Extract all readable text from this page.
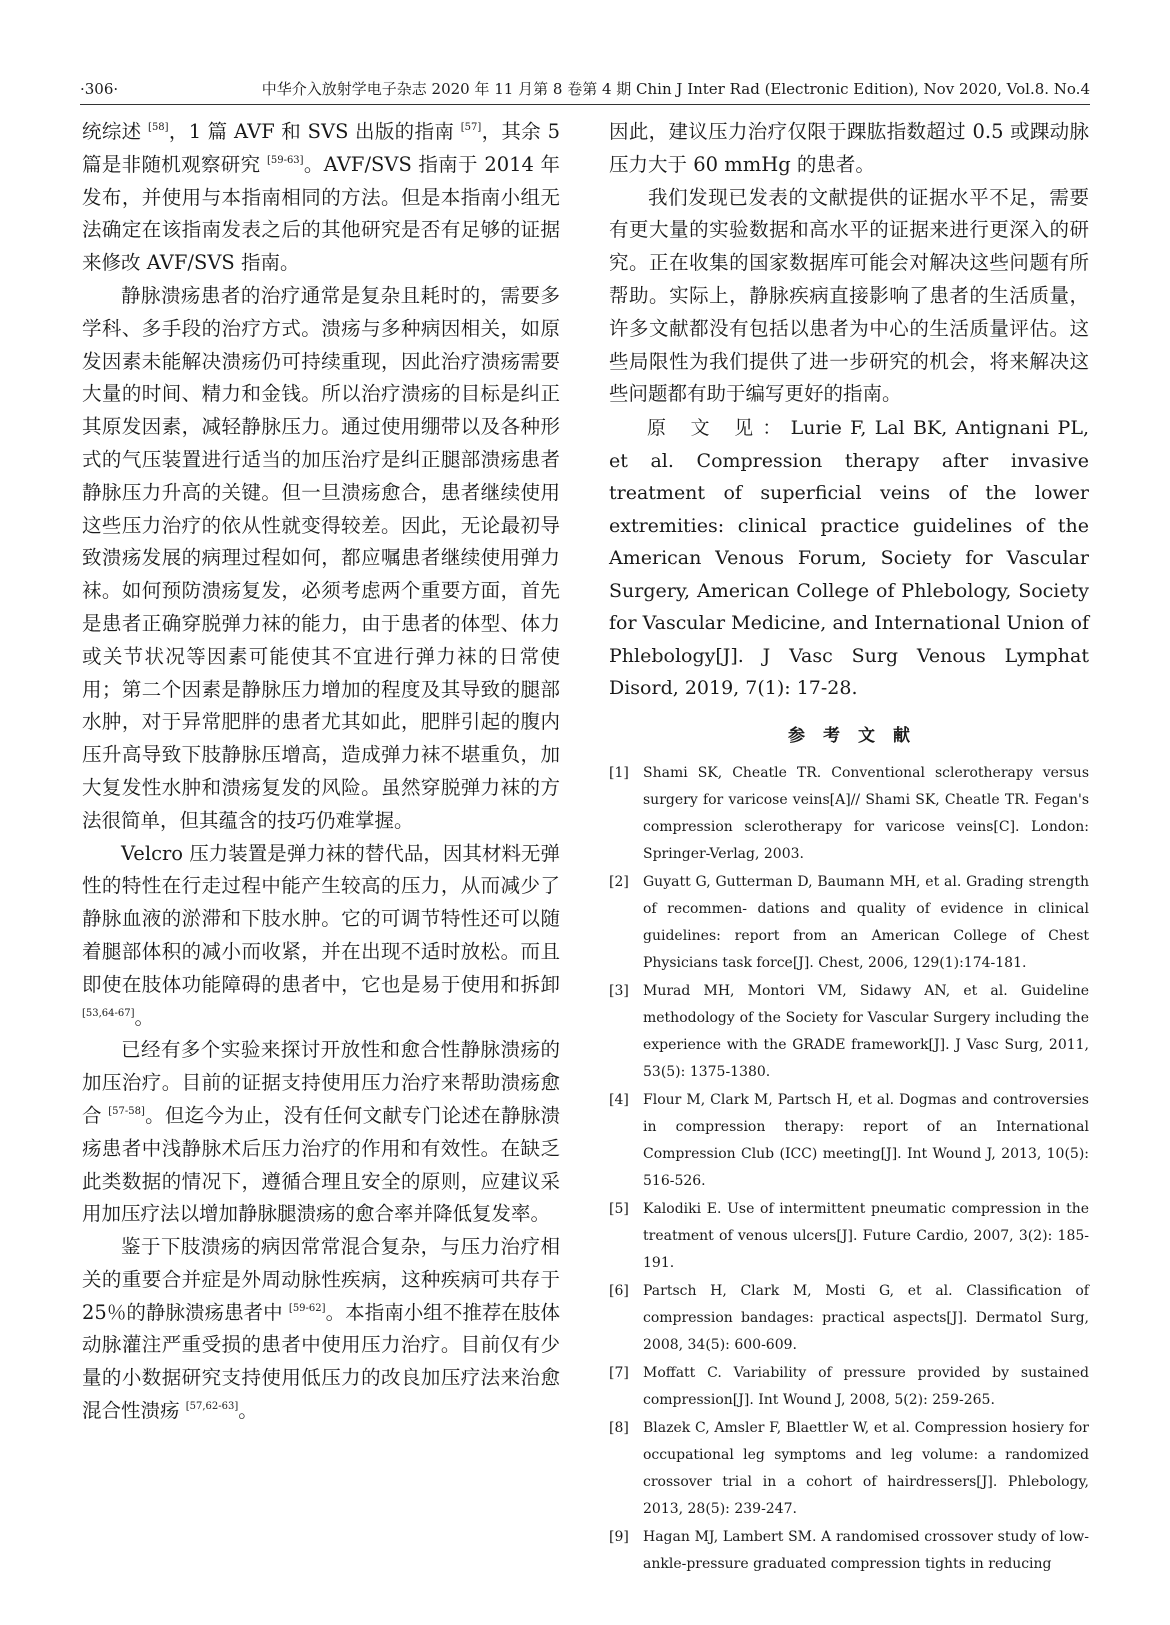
·306·	中华介入放射学电子杂志 2020 年 11 月第 8 卷第 4 期 Chin J Inter Rad (Electronic Edition), Nov 2020, Vol.8. No.4

统综述 [58]，1 篇 AVF 和 SVS 出版的指南 [57]，其余 5 篇是非随机观察研究 [59-63]。AVF/SVS 指南于 2014 年发布，并使用与本指南相同的方法。但是本指南小组无法确定在该指南发表之后的其他研究是否有足够的证据来修改 AVF/SVS 指南。

静脉溃疡患者的治疗通常是复杂且耗时的，需要多学科、多手段的治疗方式。溃疡与多种病因相关，如原发因素未能解决溃疡仍可持续重现，因此治疗溃疡需要大量的时间、精力和金钱。所以治疗溃疡的目标是纠正其原发因素，减轻静脉压力。通过使用绷带以及各种形式的气压装置进行适当的加压治疗是纠正腿部溃疡患者静脉压力升高的关键。但一旦溃疡愈合，患者继续使用这些压力治疗的依从性就变得较差。因此，无论最初导致溃疡发展的病理过程如何，都应嘱患者继续使用弹力袜。如何预防溃疡复发，必须考虑两个重要方面，首先是患者正确穿脱弹力袜的能力，由于患者的体型、体力或关节状况等因素可能使其不宜进行弹力袜的日常使用；第二个因素是静脉压力增加的程度及其导致的腿部水肿，对于异常肥胖的患者尤其如此，肥胖引起的腹内压升高导致下肢静脉压增高，造成弹力袜不堪重负，加大复发性水肿和溃疡复发的风险。虽然穿脱弹力袜的方法很简单，但其蕴含的技巧仍难掌握。

Velcro 压力装置是弹力袜的替代品，因其材料无弹性的特性在行走过程中能产生较高的压力，从而减少了静脉血液的淤滞和下肢水肿。它的可调节特性还可以随着腿部体积的减小而收紧，并在出现不适时放松。而且即使在肢体功能障碍的患者中，它也是易于使用和拆卸 [53,64-67]。

已经有多个实验来探讨开放性和愈合性静脉溃疡的加压治疗。目前的证据支持使用压力治疗来帮助溃疡愈合 [57-58]。但迄今为止，没有任何文献专门论述在静脉溃疡患者中浅静脉术后压力治疗的作用和有效性。在缺乏此类数据的情况下，遵循合理且安全的原则，应建议采用加压疗法以增加静脉腿溃疡的愈合率并降低复发率。

鉴于下肢溃疡的病因常常混合复杂，与压力治疗相关的重要合并症是外周动脉性疾病，这种疾病可共存于 25％的静脉溃疡患者中 [59-62]。本指南小组不推荐在肢体动脉灌注严重受损的患者中使用压力治疗。目前仅有少量的小数据研究支持使用低压力的改良加压疗法来治愈混合性溃疡 [57,62-63]。

因此，建议压力治疗仅限于踝肱指数超过 0.5 或踝动脉压力大于 60 mmHg 的患者。

我们发现已发表的文献提供的证据水平不足，需要有更大量的实验数据和高水平的证据来进行更深入的研究。正在收集的国家数据库可能会对解决这些问题有所帮助。实际上，静脉疾病直接影响了患者的生活质量，许多文献都没有包括以患者为中心的生活质量评估。这些局限性为我们提供了进一步研究的机会，将来解决这些问题都有助于编写更好的指南。

原 文 见：Lurie F, Lal BK, Antignani PL, et al. Compression therapy after invasive treatment of superficial veins of the lower extremities: clinical practice guidelines of the American Venous Forum, Society for Vascular Surgery, American College of Phlebology, Society for Vascular Medicine, and International Union of Phlebology[J]. J Vasc Surg Venous Lymphat Disord, 2019, 7(1): 17-28.

参考文献
[1] Shami SK, Cheatle TR. Conventional sclerotherapy versus surgery for varicose veins[A]// Shami SK, Cheatle TR. Fegan's compression sclerotherapy for varicose veins[C]. London: Springer-Verlag, 2003.
[2] Guyatt G, Gutterman D, Baumann MH, et al. Grading strength of recommen- dations and quality of evidence in clinical guidelines: report from an American College of Chest Physicians task force[J]. Chest, 2006, 129(1):174-181.
[3] Murad MH, Montori VM, Sidawy AN, et al. Guideline methodology of the Society for Vascular Surgery including the experience with the GRADE framework[J]. J Vasc Surg, 2011, 53(5): 1375-1380.
[4] Flour M, Clark M, Partsch H, et al. Dogmas and controversies in compression therapy: report of an International Compression Club (ICC) meeting[J]. Int Wound J, 2013, 10(5): 516-526.
[5] Kalodiki E. Use of intermittent pneumatic compression in the treatment of venous ulcers[J]. Future Cardio, 2007, 3(2): 185-191.
[6] Partsch H, Clark M, Mosti G, et al. Classification of compression bandages: practical aspects[J]. Dermatol Surg, 2008, 34(5): 600-609.
[7] Moffatt C. Variability of pressure provided by sustained compression[J]. Int Wound J, 2008, 5(2): 259-265.
[8] Blazek C, Amsler F, Blaettler W, et al. Compression hosiery for occupational leg symptoms and leg volume: a randomized crossover trial in a cohort of hairdressers[J]. Phlebology, 2013, 28(5): 239-247.
[9] Hagan MJ, Lambert SM. A randomised crossover study of low-ankle-pressure graduated compression tights in reducing
